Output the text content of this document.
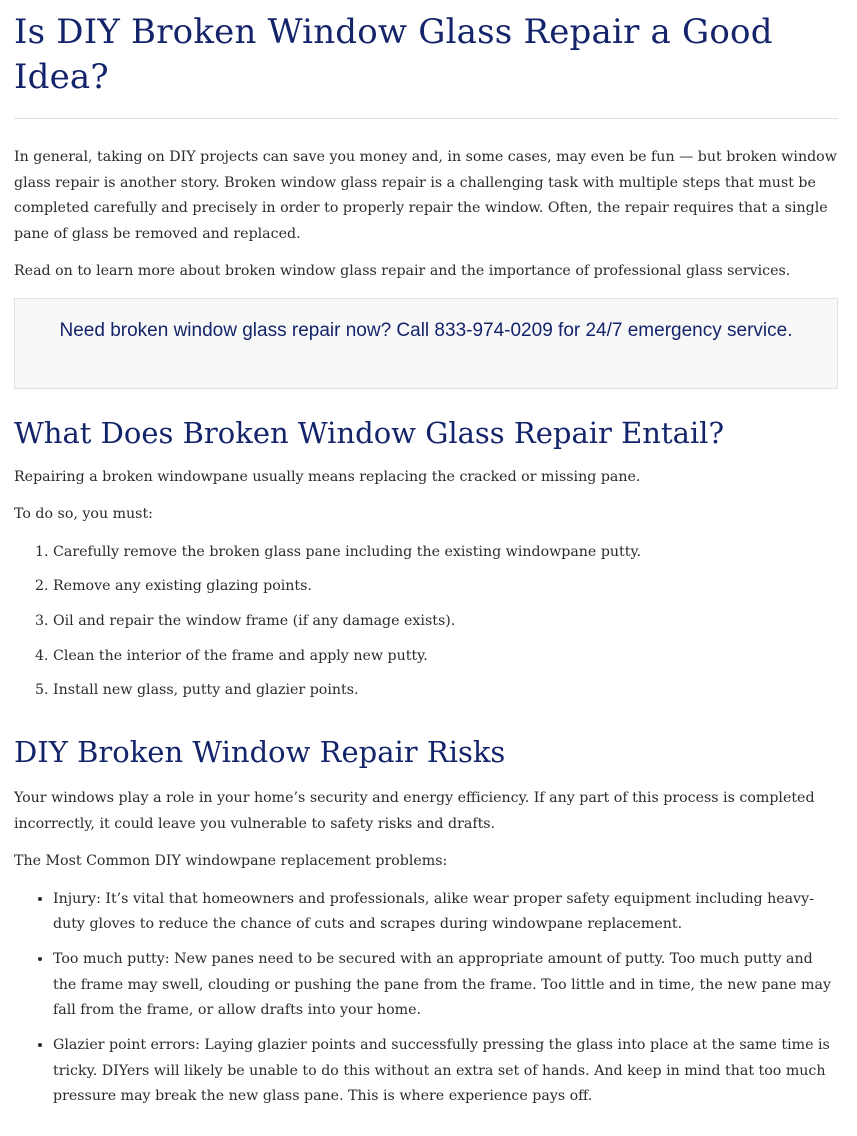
Is DIY Broken Window Glass Repair a Good Idea?

In general, taking on DIY projects can save you money and, in some cases, may even be fun — but broken window glass repair is another story. Broken window glass repair is a challenging task with multiple steps that must be completed carefully and precisely in order to properly repair the window. Often, the repair requires that a single pane of glass be removed and replaced.

Read on to learn more about broken window glass repair and the importance of professional glass services.

Need broken window glass repair now? Call 833-974-0209 for 24/7 emergency service.
What Does Broken Window Glass Repair Entail?

Repairing a broken windowpane usually means replacing the cracked or missing pane.

To do so, you must:

1. Carefully remove the broken glass pane including the existing windowpane putty.
2. Remove any existing glazing points.
3. Oil and repair the window frame (if any damage exists).
4. Clean the interior of the frame and apply new putty.
5. Install new glass, putty and glazier points.
DIY Broken Window Repair Risks

Your windows play a role in your home’s security and energy efficiency. If any part of this process is completed incorrectly, it could leave you vulnerable to safety risks and drafts.

The Most Common DIY windowpane replacement problems:

• Injury: It’s vital that homeowners and professionals, alike wear proper safety equipment including heavy-duty gloves to reduce the chance of cuts and scrapes during windowpane replacement.
• Too much putty: New panes need to be secured with an appropriate amount of putty. Too much putty and the frame may swell, clouding or pushing the pane from the frame. Too little and in time, the new pane may fall from the frame, or allow drafts into your home.
• Glazier point errors: Laying glazier points and successfully pressing the glass into place at the same time is tricky. DIYers will likely be unable to do this without an extra set of hands. And keep in mind that too much pressure may break the new glass pane. This is where experience pays off.
